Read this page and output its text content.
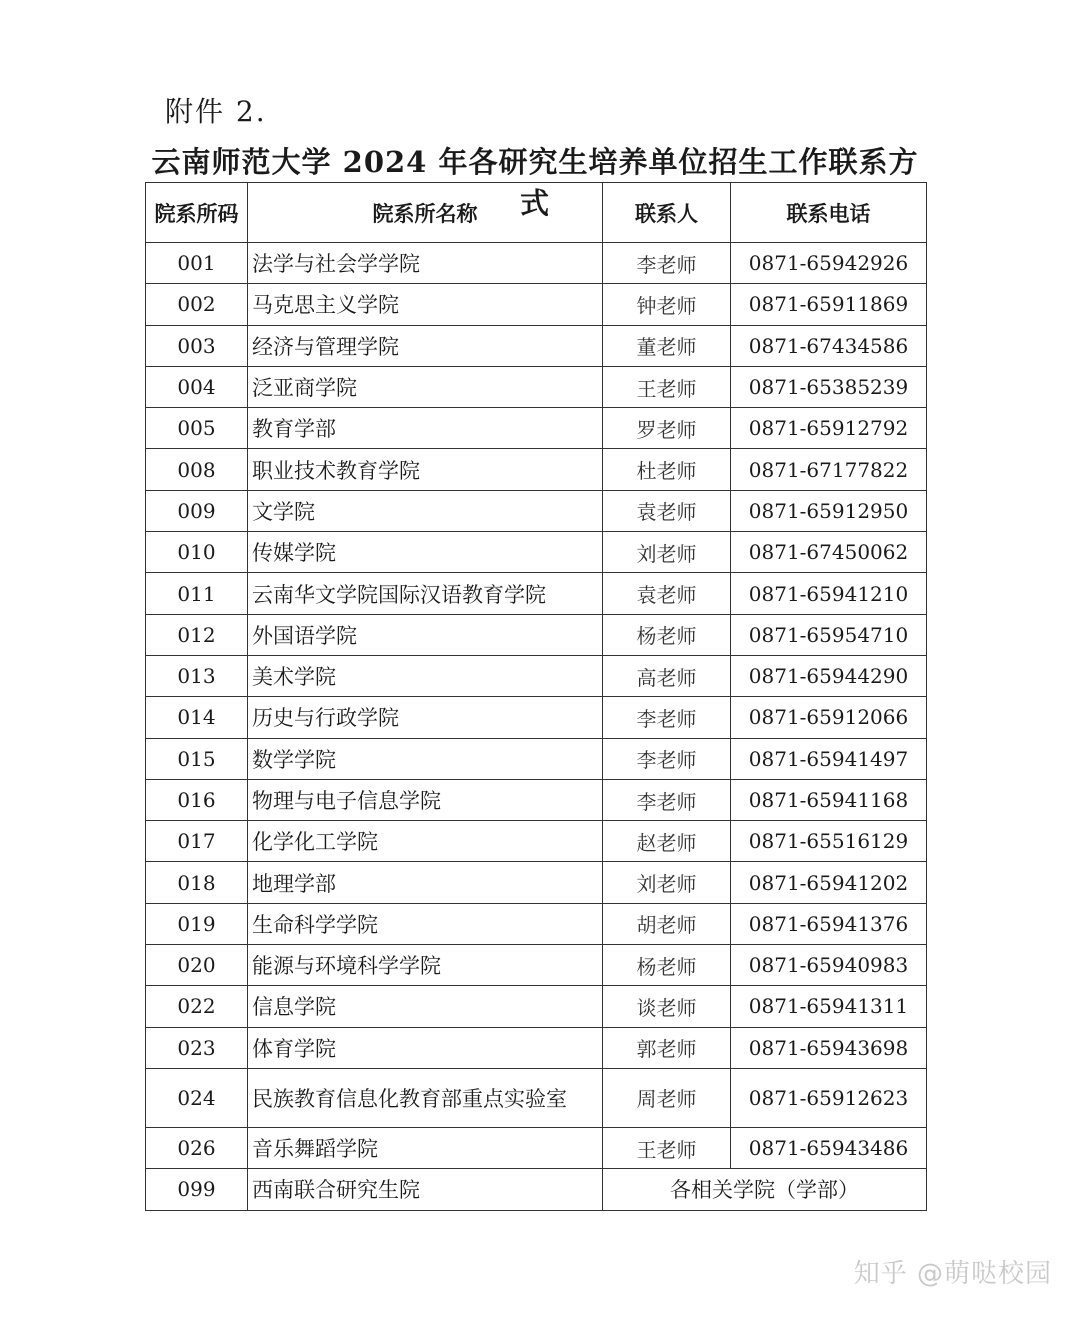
附件 2.
云南师范大学 2024 年各研究生培养单位招生工作联系方式
院系所码	院系所名称	联系人	联系电话
001	法学与社会学学院	李老师	0871-65942926
002	马克思主义学院	钟老师	0871-65911869
003	经济与管理学院	董老师	0871-67434586
004	泛亚商学院	王老师	0871-65385239
005	教育学部	罗老师	0871-65912792
008	职业技术教育学院	杜老师	0871-67177822
009	文学院	袁老师	0871-65912950
010	传媒学院	刘老师	0871-67450062
011	云南华文学院国际汉语教育学院	袁老师	0871-65941210
012	外国语学院	杨老师	0871-65954710
013	美术学院	高老师	0871-65944290
014	历史与行政学院	李老师	0871-65912066
015	数学学院	李老师	0871-65941497
016	物理与电子信息学院	李老师	0871-65941168
017	化学化工学院	赵老师	0871-65516129
018	地理学部	刘老师	0871-65941202
019	生命科学学院	胡老师	0871-65941376
020	能源与环境科学学院	杨老师	0871-65940983
022	信息学院	谈老师	0871-65941311
023	体育学院	郭老师	0871-65943698
024	民族教育信息化教育部重点实验室	周老师	0871-65912623
026	音乐舞蹈学院	王老师	0871-65943486
099	西南联合研究生院	各相关学院（学部）	
知乎 @萌哒校园
